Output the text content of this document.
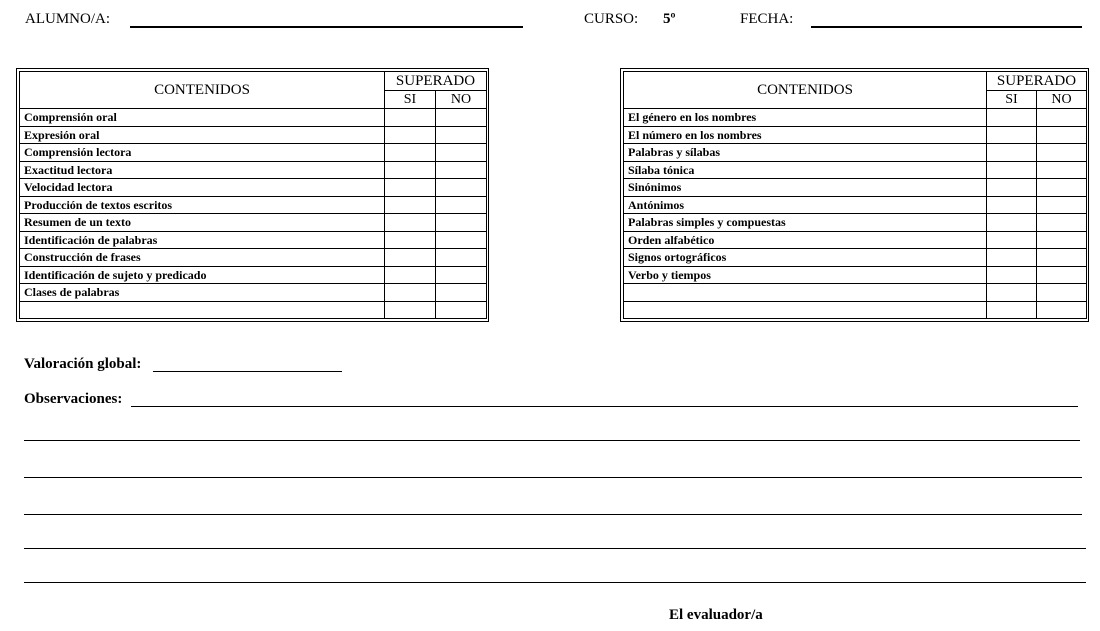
ALUMNO/A:	CURSO: 5º	FECHA:
CONTENIDOS	SUPERADO	
	SI	NO
Comprensión oral		
Expresión oral		
Comprensión lectora		
Exactitud lectora		
Velocidad lectora		
Producción de textos escritos		
Resumen de un texto		
Identificación de palabras		
Construcción de frases		
Identificación de sujeto y predicado		
Clases de palabras		

CONTENIDOS	SUPERADO	
	SI	NO
El género en los nombres		
El número en los nombres		
Palabras y sílabas		
Sílaba tónica		
Sinónimos		
Antónimos		
Palabras simples y compuestas		
Orden alfabético		
Signos ortográficos		
Verbo y tiempos		

Valoración global:
Observaciones:
El evaluador/a
